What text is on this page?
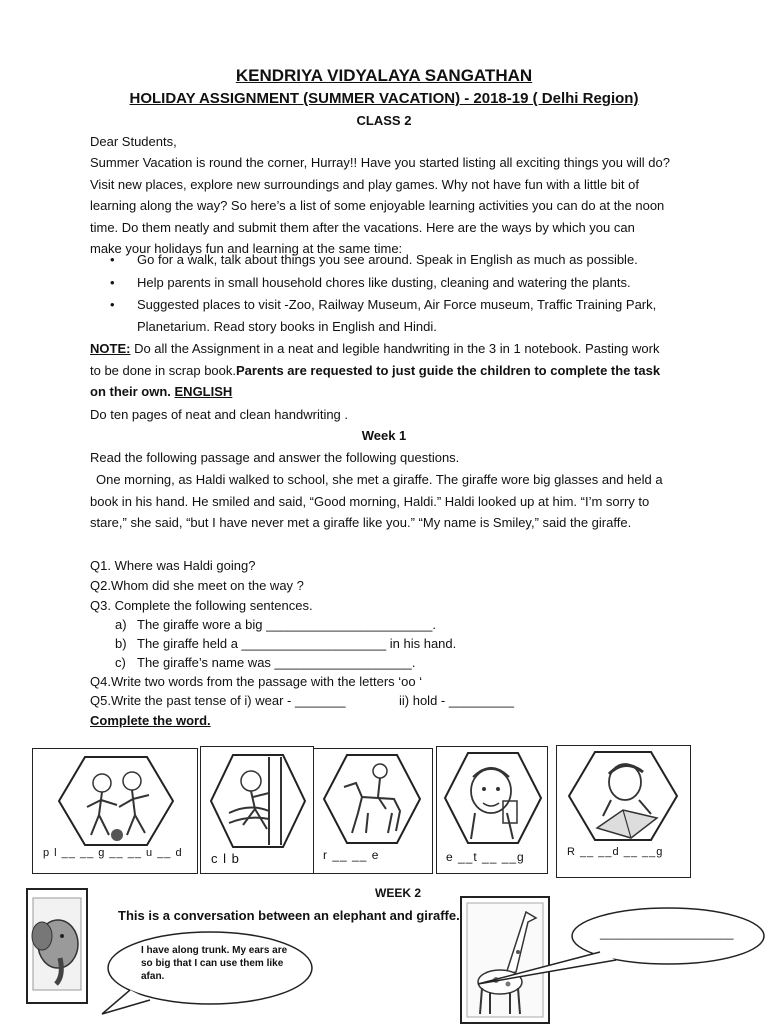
KENDRIYA VIDYALAYA SANGATHAN
HOLIDAY ASSIGNMENT (SUMMER VACATION) - 2018-19 ( Delhi Region)
CLASS 2
Dear Students,
Summer Vacation is round the corner, Hurray!! Have you started listing all exciting things you will do? Visit new places, explore new surroundings and play games. Why not have fun with a little bit of learning along the way? So here’s a list of some enjoyable learning activities you can do at the noon time. Do them neatly and submit them after the vacations. Here are the ways by which you can make your holidays fun and learning at the same time:
• Go for a walk, talk about things you see around. Speak in English as much as possible.
• Help parents in small household chores like dusting, cleaning and watering the plants.
• Suggested places to visit -Zoo, Railway Museum, Air Force museum, Traffic Training Park, Planetarium. Read story books in English and Hindi.
NOTE: Do all the Assignment in a neat and legible handwriting in the 3 in 1 notebook. Pasting work to be done in scrap book.Parents are requested to just guide the children to complete the task on their own. ENGLISH
Do ten pages of neat and clean handwriting .
Week 1
Read the following passage and answer the following questions.
One morning, as Haldi walked to school, she met a giraffe. The giraffe wore big glasses and held a book in his hand. He smiled and said, “Good morning, Haldi.” Haldi looked up at him. “I’m sorry to stare,” she said, “but I have never met a giraffe like you.” “My name is Smiley,” said the giraffe.
Q1. Where was Haldi going?
Q2.Whom did she meet on the way ?
Q3. Complete the following sentences.
a) The giraffe wore a big _______________________.
b) The giraffe held a ____________________ in his hand.
c) The giraffe’s name was ___________________.
Q4.Write two words from the passage with the letters ‘oo ‘
Q5.Write the past tense of i) wear - _______	ii) hold - _________
Complete the word.
p l __ __ g __ __ u __ d c l b	r __ __ e	e __t __ __g	R __ __d __ __g
WEEK 2
This is a conversation between an elephant and giraffe.
I have along trunk. My ears are so big that I can use them like afan.
____________________
